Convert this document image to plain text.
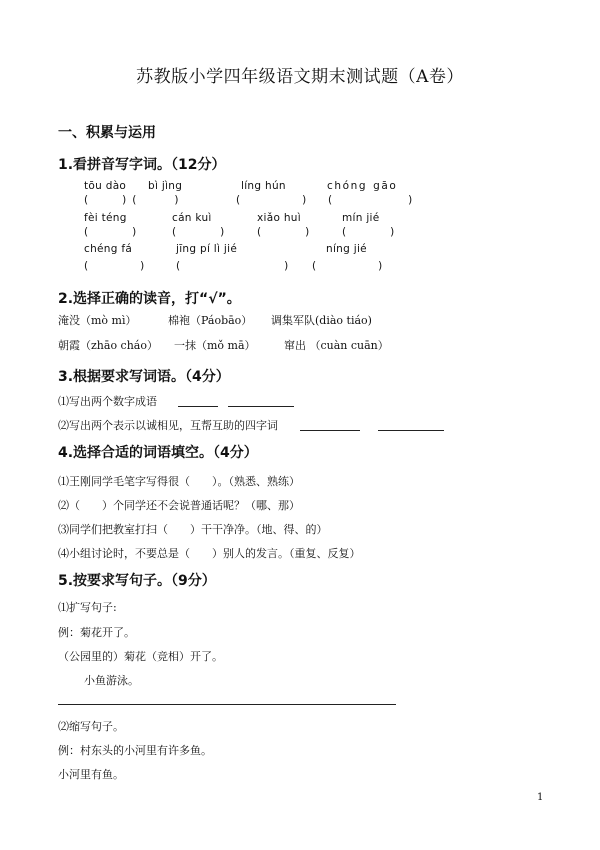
苏教版小学四年级语文期末测试题（A卷）
一、积累与运用
1.看拼音写字词。（12分）
tōu dào bì jìng	líng hún	chóng gāo
(	) (	)	(	) (	)
fèi téng	cán kuì	xiǎo huì	mín jié
(	)	(	)	(	)	(	)
chéng fá	jīng pí lì jié	níng jié
(	)	(	) (	)
2.选择正确的读音，打“√”。
淹没（mò mì）	棉袍（Páobāo） 调集军队(diào tiáo)
朝霞（zhāo cháo） 一抹（mǒ mā）	窜出 （cuàn cuān）
3.根据要求写词语。（4分）
⑴写出两个数字成语
⑵写出两个表示以诚相见，互帮互助的四字词
4.选择合适的词语填空。（4分）
⑴王刚同学毛笔字写得很（　　）。（熟悉、熟练）
⑵（　　）个同学还不会说普通话呢？（哪、那）
⑶同学们把教室打扫（　　）干干净净。（地、得、的）
⑷小组讨论时，不要总是（　　）别人的发言。（重复、反复）
5.按要求写句子。（9分）
⑴扩写句子:
例：菊花开了。
（公园里的）菊花（竞相）开了。
小鱼游泳。
⑵缩写句子。
例：村东头的小河里有许多鱼。
小河里有鱼。
1
